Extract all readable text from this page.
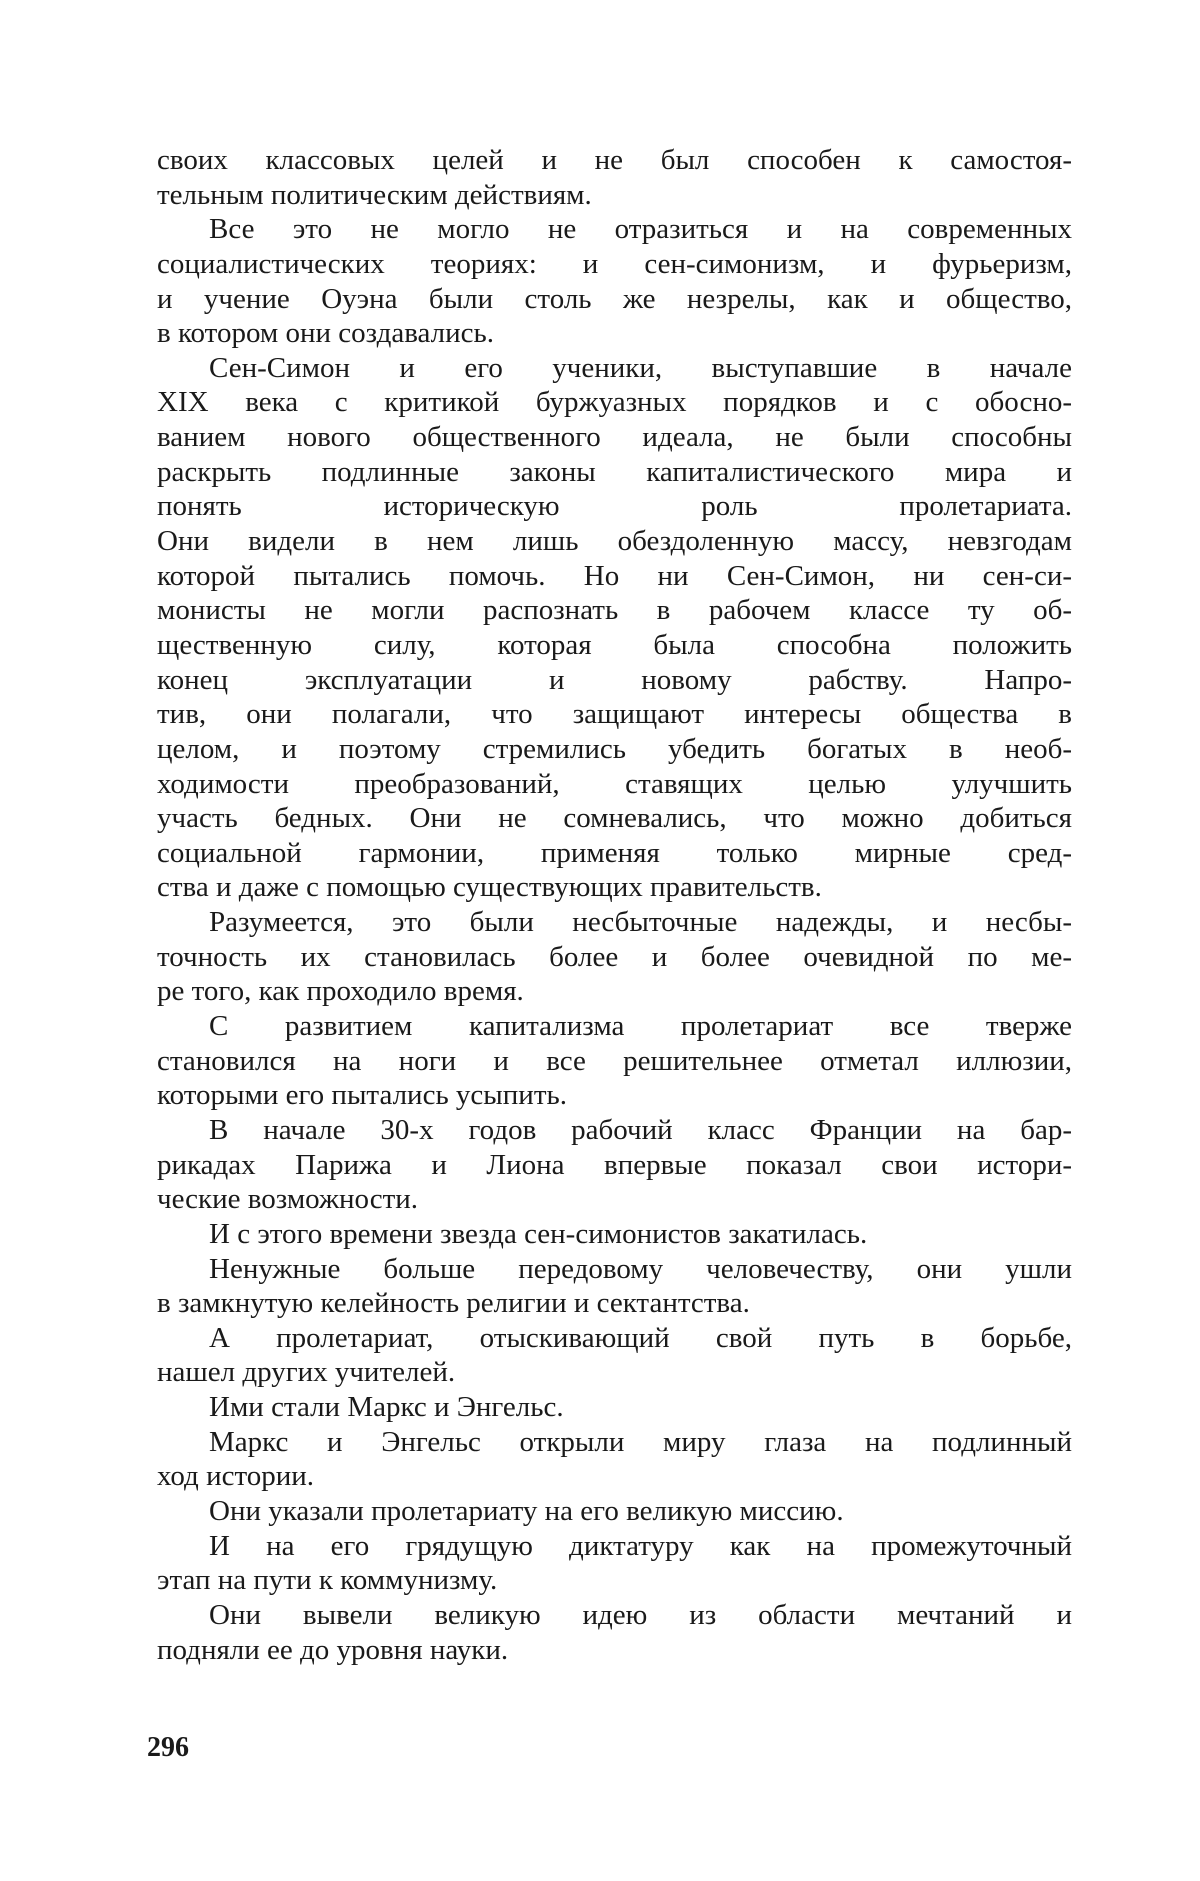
своих классовых целей и не был способен к самостоя-
тельным политическим действиям.
Все это не могло не отразиться и на современных
социалистических теориях: и сен-симонизм, и фурьеризм,
и учение Оуэна были столь же незрелы, как и общество,
в котором они создавались.
Сен-Симон и его ученики, выступавшие в начале
XIX века с критикой буржуазных порядков и с обосно-
ванием нового общественного идеала, не были способны
раскрыть подлинные законы капиталистического мира и
понять историческую роль пролетариата.
Они видели в нем лишь обездоленную массу, невзгодам
которой пытались помочь. Но ни Сен-Симон, ни сен-си-
монисты не могли распознать в рабочем классе ту об-
щественную силу, которая была способна положить
конец эксплуатации и новому рабству. Напро-
тив, они полагали, что защищают интересы общества в
целом, и поэтому стремились убедить богатых в необ-
ходимости преобразований, ставящих целью улучшить
участь бедных. Они не сомневались, что можно добиться
социальной гармонии, применяя только мирные сред-
ства и даже с помощью существующих правительств.
Разумеется, это были несбыточные надежды, и несбы-
точность их становилась более и более очевидной по ме-
ре того, как проходило время.
С развитием капитализма пролетариат все тверже
становился на ноги и все решительнее отметал иллюзии,
которыми его пытались усыпить.
В начале 30-х годов рабочий класс Франции на бар-
рикадах Парижа и Лиона впервые показал свои истори-
ческие возможности.
И с этого времени звезда сен-симонистов закатилась.
Ненужные больше передовому человечеству, они ушли
в замкнутую келейность религии и сектантства.
А пролетариат, отыскивающий свой путь в борьбе,
нашел других учителей.
Ими стали Маркс и Энгельс.
Маркс и Энгельс открыли миру глаза на подлинный
ход истории.
Они указали пролетариату на его великую миссию.
И на его грядущую диктатуру как на промежуточный
этап на пути к коммунизму.
Они вывели великую идею из области мечтаний и
подняли ее до уровня науки.
296
